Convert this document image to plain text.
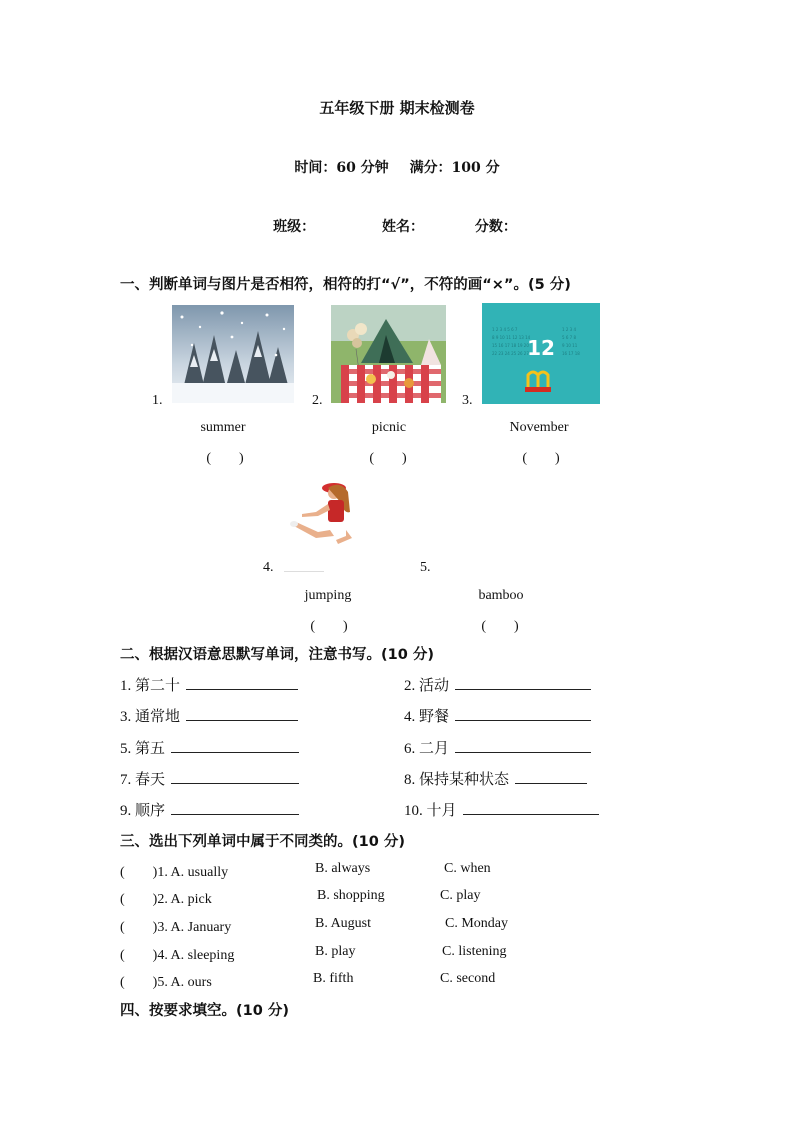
五年级下册 期末检测卷
时间：60 分钟 满分：100 分
班级：	姓名：	分数：
一、判断单词与图片是否相符，相符的打“√”，不符的画“×”。(5 分)
1.	2.
1 2 3 4 5 6 7
8 9 10 11 12 13 14
15 16 17 18 19 20
22 23 24 25 26 27
1 2 3 4
5 6 7 8
9 10 11
16 17 18
12
3.
summer	picnic	November
(　　)	(　　)	(　　)
4.	5.
jumping	bamboo
(　　)	(　　)
二、根据汉语意思默写单词，注意书写。(10 分)
1. 第二十	2. 活动
3. 通常地	4. 野餐
5. 第五	6. 二月
7. 春天	8. 保持某种状态
9. 顺序	10. 十月
三、选出下列单词中属于不同类的。(10 分)
(　　)1. A. usually	B. always	C. when
(　　)2. A. pick	B. shopping	C. play
(　　)3. A. January	B. August	C. Monday
(　　)4. A. sleeping	B. play	C. listening
(　　)5. A. ours	B. fifth	C. second
四、按要求填空。(10 分)
